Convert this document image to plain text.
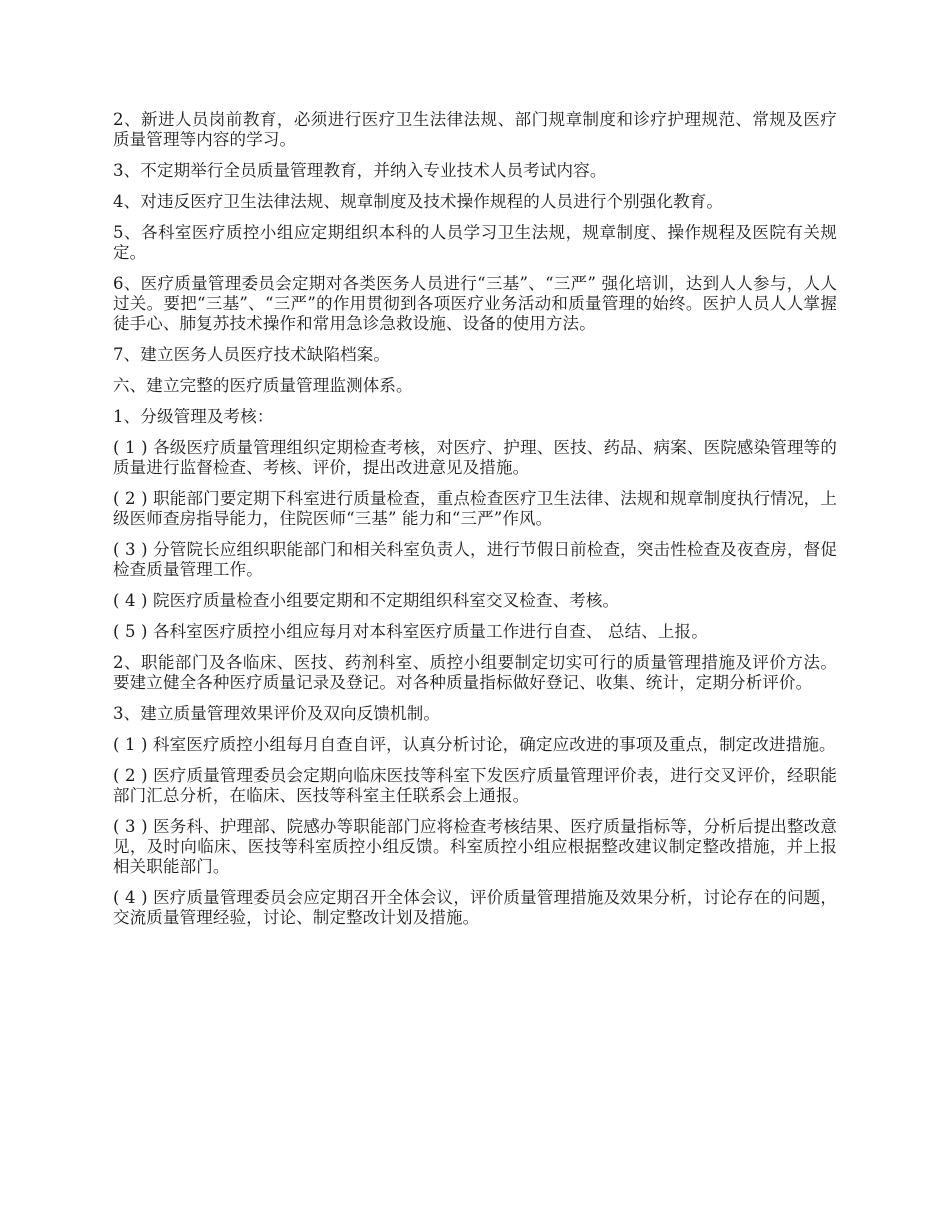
2、新进人员岗前教育，必须进行医疗卫生法律法规、部门规章制度和诊疗护理规范、常规及医疗质量管理等内容的学习。

3、不定期举行全员质量管理教育，并纳入专业技术人员考试内容。

4、对违反医疗卫生法律法规、规章制度及技术操作规程的人员进行个别强化教育。

5、各科室医疗质控小组应定期组织本科的人员学习卫生法规，规章制度、操作规程及医院有关规定。

6、医疗质量管理委员会定期对各类医务人员进行“三基”、“三严” 强化培训，达到人人参与，人人过关。要把“三基”、“三严”的作用贯彻到各项医疗业务活动和质量管理的始终。医护人员人人掌握徒手心、肺复苏技术操作和常用急诊急救设施、设备的使用方法。

7、建立医务人员医疗技术缺陷档案。

六、建立完整的医疗质量管理监测体系。

1、分级管理及考核：

( 1 ) 各级医疗质量管理组织定期检查考核，对医疗、护理、医技、药品、病案、医院感染管理等的质量进行监督检查、考核、评价，提出改进意见及措施。

( 2 ) 职能部门要定期下科室进行质量检查，重点检查医疗卫生法律、法规和规章制度执行情况，上级医师查房指导能力，住院医师“三基” 能力和“三严”作风。

( 3 ) 分管院长应组织职能部门和相关科室负责人，进行节假日前检查，突击性检查及夜查房，督促检查质量管理工作。

( 4 ) 院医疗质量检查小组要定期和不定期组织科室交叉检查、考核。

( 5 ) 各科室医疗质控小组应每月对本科室医疗质量工作进行自查、 总结、上报。

2、职能部门及各临床、医技、药剂科室、质控小组要制定切实可行的质量管理措施及评价方法。要建立健全各种医疗质量记录及登记。对各种质量指标做好登记、收集、统计，定期分析评价。

3、建立质量管理效果评价及双向反馈机制。

( 1 ) 科室医疗质控小组每月自查自评，认真分析讨论，确定应改进的事项及重点，制定改进措施。

( 2 ) 医疗质量管理委员会定期向临床医技等科室下发医疗质量管理评价表，进行交叉评价，经职能部门汇总分析，在临床、医技等科室主任联系会上通报。

( 3 ) 医务科、护理部、院感办等职能部门应将检查考核结果、医疗质量指标等，分析后提出整改意见，及时向临床、医技等科室质控小组反馈。科室质控小组应根据整改建议制定整改措施，并上报相关职能部门。

( 4 ) 医疗质量管理委员会应定期召开全体会议，评价质量管理措施及效果分析，讨论存在的问题，交流质量管理经验，讨论、制定整改计划及措施。
